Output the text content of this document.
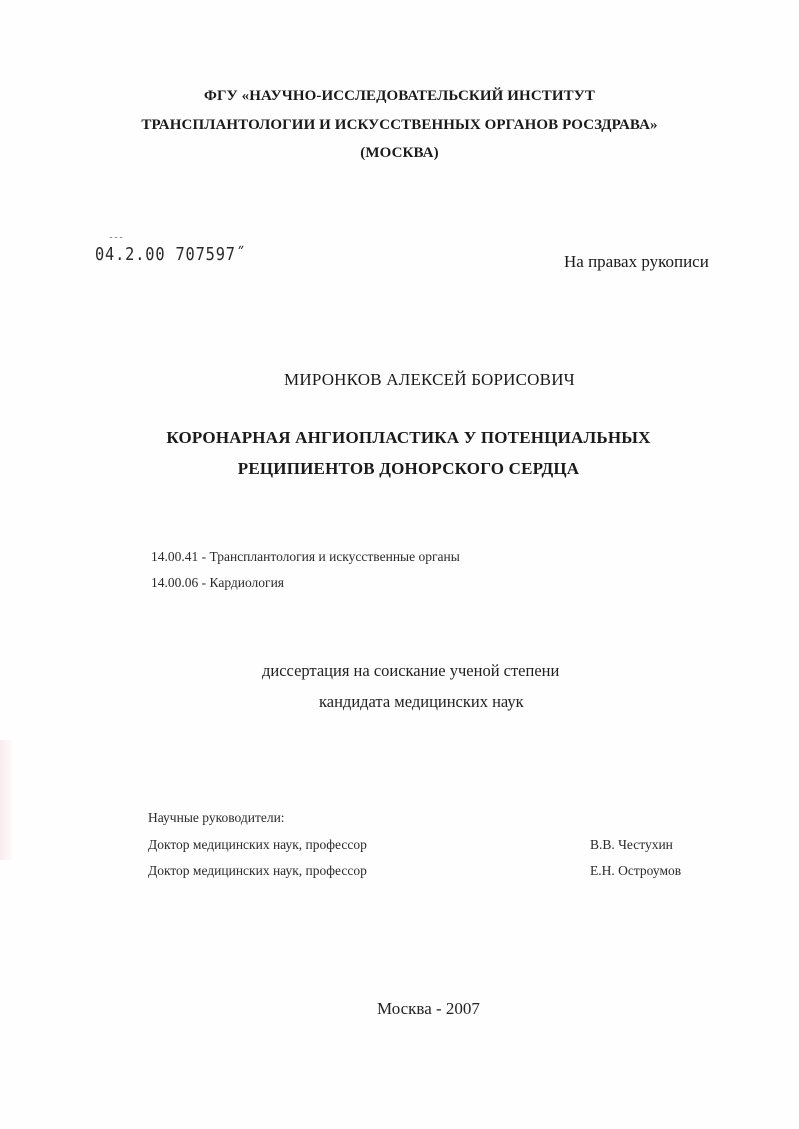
ФГУ «НАУЧНО-ИССЛЕДОВАТЕЛЬСКИЙ ИНСТИТУТ
ТРАНСПЛАНТОЛОГИИ И ИСКУССТВЕННЫХ ОРГАНОВ РОСЗДРАВА»
(МОСКВА)
ˉˉˉ
04.2.00 707597˝	На правах рукописи
МИРОНКОВ АЛЕКСЕЙ БОРИСОВИЧ
КОРОНАРНАЯ АНГИОПЛАСТИКА У ПОТЕНЦИАЛЬНЫХ
РЕЦИПИЕНТОВ ДОНОРСКОГО СЕРДЦА
14.00.41 - Трансплантология и искусственные органы
14.00.06 - Кардиология
диссертация на соискание ученой степени
кандидата медицинских наук
Научные руководители:
Доктор медицинских наук, профессор	В.В. Честухин
Доктор медицинских наук, профессор	Е.Н. Остроумов
Москва - 2007
